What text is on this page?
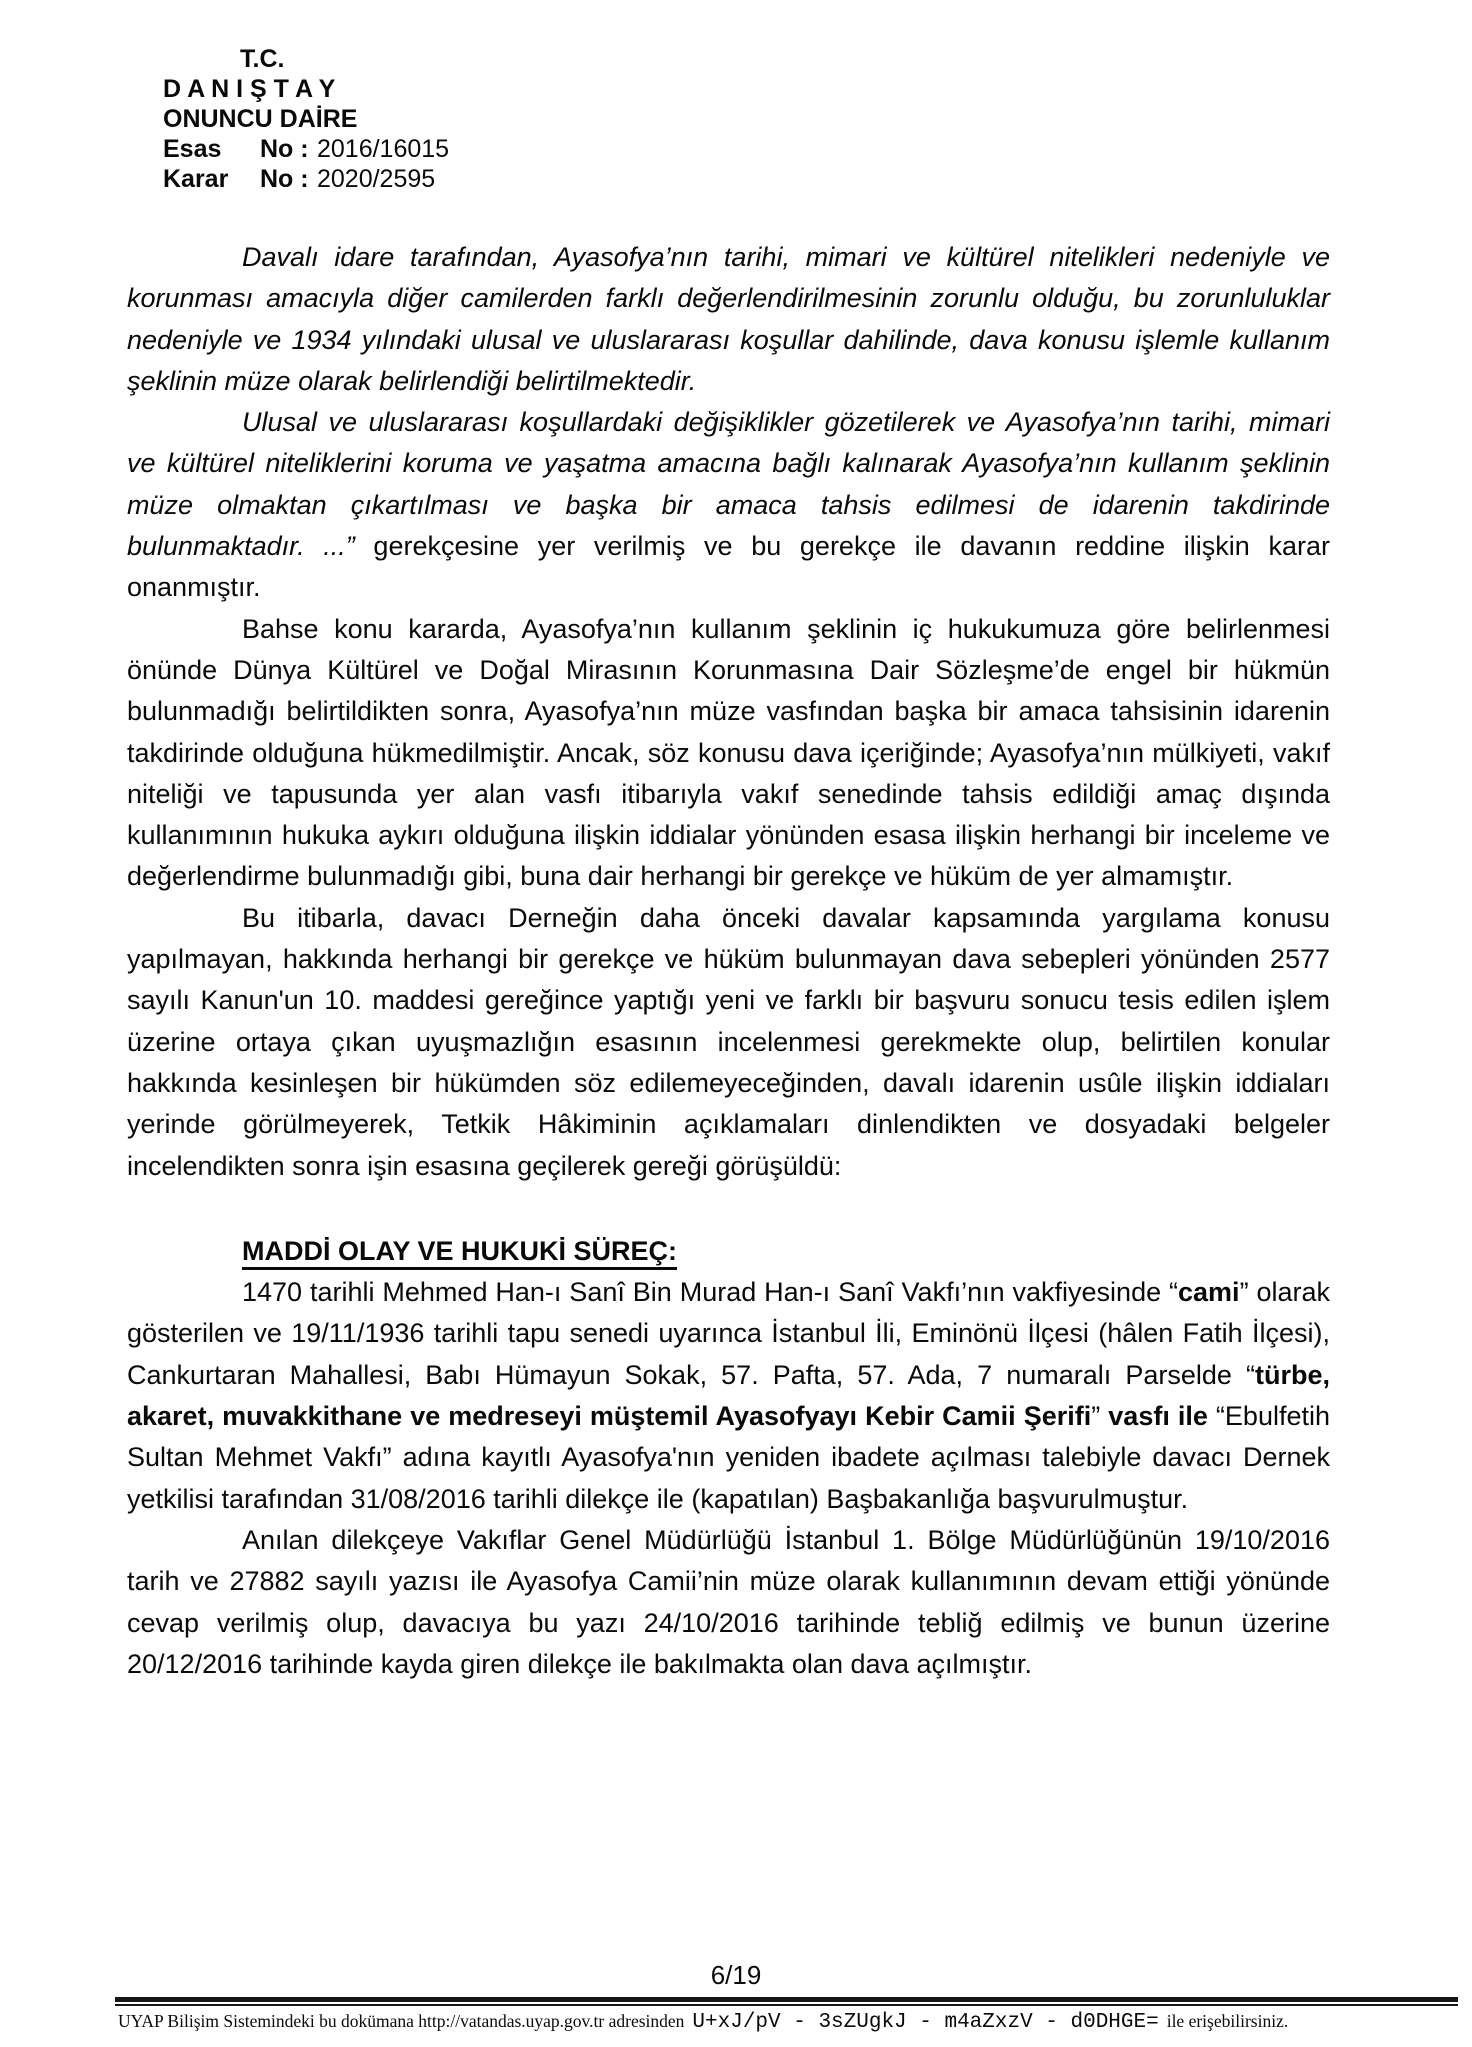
T.C.
D A N I Ş T A Y
ONUNCU DAİRE
Esas No : 2016/16015
Karar No : 2020/2595

Davalı idare tarafından, Ayasofya’nın tarihi, mimari ve kültürel nitelikleri nedeniyle ve korunması amacıyla diğer camilerden farklı değerlendirilmesinin zorunlu olduğu, bu zorunluluklar nedeniyle ve 1934 yılındaki ulusal ve uluslararası koşullar dahilinde, dava konusu işlemle kullanım şeklinin müze olarak belirlendiği belirtilmektedir.

Ulusal ve uluslararası koşullardaki değişiklikler gözetilerek ve Ayasofya’nın tarihi, mimari ve kültürel niteliklerini koruma ve yaşatma amacına bağlı kalınarak Ayasofya’nın kullanım şeklinin müze olmaktan çıkartılması ve başka bir amaca tahsis edilmesi de idarenin takdirinde bulunmaktadır. ...” gerekçesine yer verilmiş ve bu gerekçe ile davanın reddine ilişkin karar onanmıştır.

Bahse konu kararda, Ayasofya’nın kullanım şeklinin iç hukukumuza göre belirlenmesi önünde Dünya Kültürel ve Doğal Mirasının Korunmasına Dair Sözleşme’de engel bir hükmün bulunmadığı belirtildikten sonra, Ayasofya’nın müze vasfından başka bir amaca tahsisinin idarenin takdirinde olduğuna hükmedilmiştir. Ancak, söz konusu dava içeriğinde; Ayasofya’nın mülkiyeti, vakıf niteliği ve tapusunda yer alan vasfı itibarıyla vakıf senedinde tahsis edildiği amaç dışında kullanımının hukuka aykırı olduğuna ilişkin iddialar yönünden esasa ilişkin herhangi bir inceleme ve değerlendirme bulunmadığı gibi, buna dair herhangi bir gerekçe ve hüküm de yer almamıştır.

Bu itibarla, davacı Derneğin daha önceki davalar kapsamında yargılama konusu yapılmayan, hakkında herhangi bir gerekçe ve hüküm bulunmayan dava sebepleri yönünden 2577 sayılı Kanun'un 10. maddesi gereğince yaptığı yeni ve farklı bir başvuru sonucu tesis edilen işlem üzerine ortaya çıkan uyuşmazlığın esasının incelenmesi gerekmekte olup, belirtilen konular hakkında kesinleşen bir hükümden söz edilemeyeceğinden, davalı idarenin usûle ilişkin iddiaları yerinde görülmeyerek, Tetkik Hâkiminin açıklamaları dinlendikten ve dosyadaki belgeler incelendikten sonra işin esasına geçilerek gereği görüşüldü:

MADDİ OLAY VE HUKUKİ SÜREÇ:

1470 tarihli Mehmed Han-ı Sanî Bin Murad Han-ı Sanî Vakfı’nın vakfiyesinde “cami” olarak gösterilen ve 19/11/1936 tarihli tapu senedi uyarınca İstanbul İli, Eminönü İlçesi (hâlen Fatih İlçesi), Cankurtaran Mahallesi, Babı Hümayun Sokak, 57. Pafta, 57. Ada, 7 numaralı Parselde “türbe, akaret, muvakkithane ve medreseyi müştemil Ayasofyayı Kebir Camii Şerifi” vasfı ile “Ebulfetih Sultan Mehmet Vakfı” adına kayıtlı Ayasofya'nın yeniden ibadete açılması talebiyle davacı Dernek yetkilisi tarafından 31/08/2016 tarihli dilekçe ile (kapatılan) Başbakanlığa başvurulmuştur.

Anılan dilekçeye Vakıflar Genel Müdürlüğü İstanbul 1. Bölge Müdürlüğünün 19/10/2016 tarih ve 27882 sayılı yazısı ile Ayasofya Camii’nin müze olarak kullanımının devam ettiği yönünde cevap verilmiş olup, davacıya bu yazı 24/10/2016 tarihinde tebliğ edilmiş ve bunun üzerine 20/12/2016 tarihinde kayda giren dilekçe ile bakılmakta olan dava açılmıştır.

6/19
UYAP Bilişim Sistemindeki bu dokümana http://vatandas.uyap.gov.tr adresinden U+xJ/pV - 3sZUgkJ - m4aZxzV - d0DHGE= ile erişebilirsiniz.
